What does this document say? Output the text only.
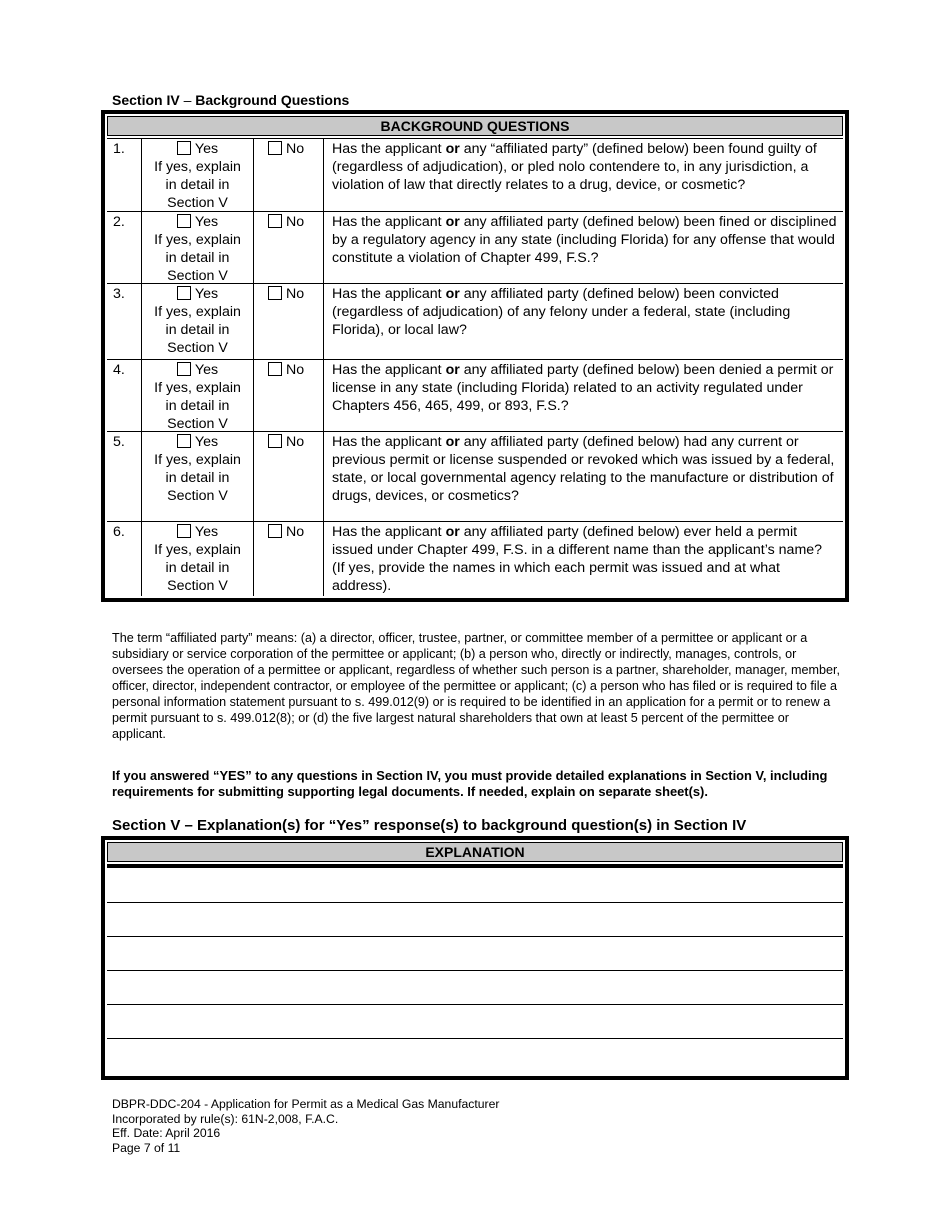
Section IV – Background Questions
BACKGROUND QUESTIONS
1.	Yes
If yes, explain
in detail in
Section V
No	Has the applicant or any “affiliated party” (defined below) been found guilty of (regardless of adjudication), or pled nolo contendere to, in any jurisdiction, a violation of law that directly relates to a drug, device, or cosmetic?
2.	Yes
If yes, explain
in detail in
Section V
No	Has the applicant or any affiliated party (defined below) been fined or disciplined by a regulatory agency in any state (including Florida) for any offense that would constitute a violation of Chapter 499, F.S.?
3.	Yes
If yes, explain
in detail in
Section V
No	Has the applicant or any affiliated party (defined below) been convicted (regardless of adjudication) of any felony under a federal, state (including Florida), or local law?
4.	Yes
If yes, explain
in detail in
Section V
No	Has the applicant or any affiliated party (defined below) been denied a permit or license in any state (including Florida) related to an activity regulated under Chapters 456, 465, 499, or 893, F.S.?
5.	Yes
If yes, explain
in detail in
Section V
No	Has the applicant or any affiliated party (defined below) had any current or previous permit or license suspended or revoked which was issued by a federal, state, or local governmental agency relating to the manufacture or distribution of drugs, devices, or cosmetics?
6.	Yes
If yes, explain
in detail in
Section V
No	Has the applicant or any affiliated party (defined below) ever held a permit issued under Chapter 499, F.S. in a different name than the applicant’s name? (If yes, provide the names in which each permit was issued and at what address).
The term “affiliated party” means: (a) a director, officer, trustee, partner, or committee member of a permittee or applicant or a subsidiary or service corporation of the permittee or applicant; (b) a person who, directly or indirectly, manages, controls, or oversees the operation of a permittee or applicant, regardless of whether such person is a partner, shareholder, manager, member, officer, director, independent contractor, or employee of the permittee or applicant; (c) a person who has filed or is required to file a personal information statement pursuant to s. 499.012(9) or is required to be identified in an application for a permit or to renew a permit pursuant to s. 499.012(8); or (d) the five largest natural shareholders that own at least 5 percent of the permittee or applicant.
If you answered “YES” to any questions in Section IV, you must provide detailed explanations in Section V, including requirements for submitting supporting legal documents. If needed, explain on separate sheet(s).
Section V – Explanation(s) for “Yes” response(s) to background question(s) in Section IV
EXPLANATION
DBPR-DDC-204 - Application for Permit as a Medical Gas Manufacturer
Incorporated by rule(s): 61N-2,008, F.A.C.
Eff. Date: April 2016
Page 7 of 11
